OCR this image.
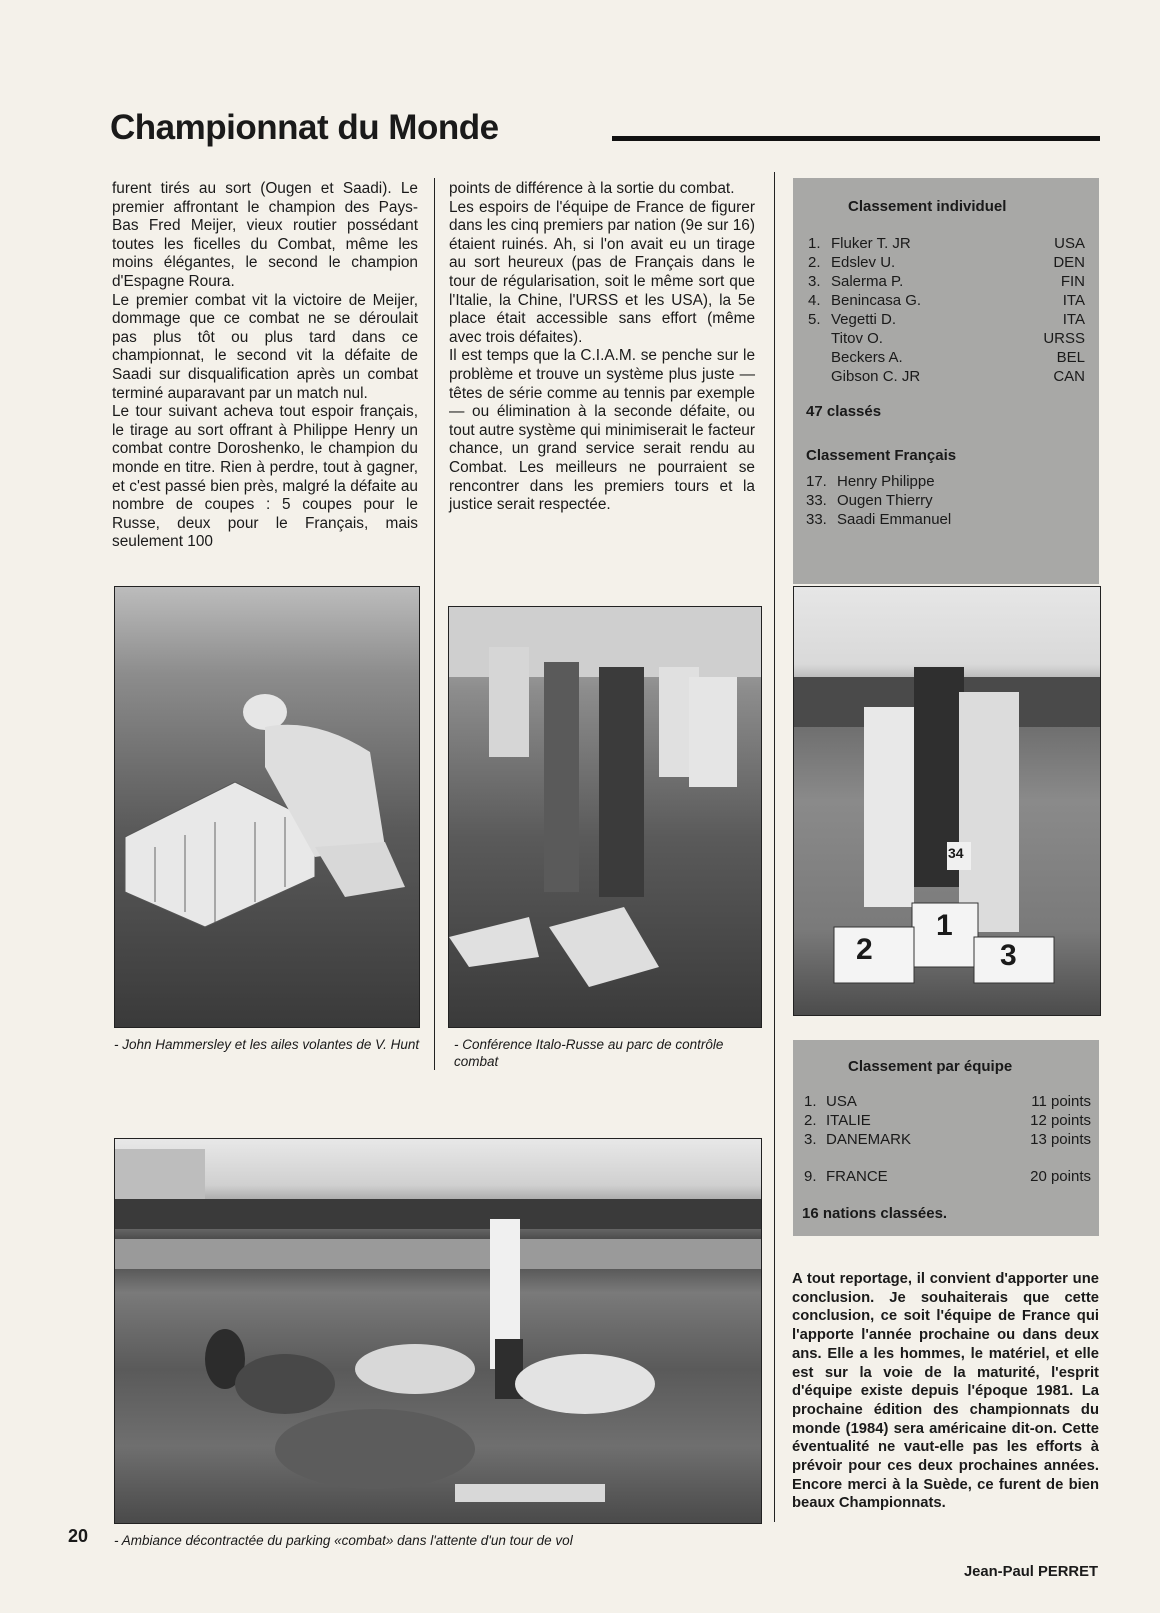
Championnat du Monde

furent tirés au sort (Ougen et Saadi). Le premier affrontant le champion des Pays-Bas Fred Meijer, vieux routier possédant toutes les ficelles du Combat, même les moins élégantes, le second le champion d'Espagne Roura.

Le premier combat vit la victoire de Meijer, dommage que ce combat ne se déroulait pas plus tôt ou plus tard dans ce championnat, le second vit la défaite de Saadi sur disqualification après un combat terminé auparavant par un match nul.

Le tour suivant acheva tout espoir français, le tirage au sort offrant à Philippe Henry un combat contre Doroshenko, le champion du monde en titre. Rien à perdre, tout à gagner, et c'est passé bien près, malgré la défaite au nombre de coupes : 5 coupes pour le Russe, deux pour le Français, mais seulement 100

points de différence à la sortie du combat.

Les espoirs de l'équipe de France de figurer dans les cinq premiers par nation (9e sur 16) étaient ruinés. Ah, si l'on avait eu un tirage au sort heureux (pas de Français dans le tour de régularisation, soit le même sort que l'Italie, la Chine, l'URSS et les USA), la 5e place était accessible sans effort (même avec trois défaites).

Il est temps que la C.I.A.M. se penche sur le problème et trouve un système plus juste —têtes de série comme au tennis par exemple— ou élimination à la seconde défaite, ou tout autre système qui minimiserait le facteur chance, un grand service serait rendu au Combat. Les meilleurs ne pourraient se rencontrer dans les premiers tours et la justice serait respectée.

Classement individuel
1. Fluker T. JR	USA
2. Edslev U.	DEN
3. Salerma P.	FIN
4. Benincasa G.	ITA
5. Vegetti D.	ITA
Titov O.	URSS
Beckers A.	BEL
Gibson C. JR	CAN
47 classés
Classement Français
17. Henry Philippe
33. Ougen Thierry
33. Saadi Emmanuel
- John Hammersley et les ailes volantes de V. Hunt	- Conférence Italo-Russe au parc de contrôle combat
1
2	3
34
Classement par équipe
1. USA	11 points
2. ITALIE	12 points
3. DANEMARK	13 points
9. FRANCE	20 points
16 nations classées.
- Ambiance décontractée du parking «combat» dans l'attente d'un tour de vol
A tout reportage, il convient d'apporter une conclusion. Je souhaiterais que cette conclusion, ce soit l'équipe de France qui l'apporte l'année prochaine ou dans deux ans. Elle a les hommes, le matériel, et elle est sur la voie de la maturité, l'esprit d'équipe existe depuis l'époque 1981. La prochaine édition des championnats du monde (1984) sera américaine dit-on. Cette éventualité ne vaut-elle pas les efforts à prévoir pour ces deux prochaines années. Encore merci à la Suède, ce furent de bien beaux Championnats.
Jean-Paul PERRET
20
